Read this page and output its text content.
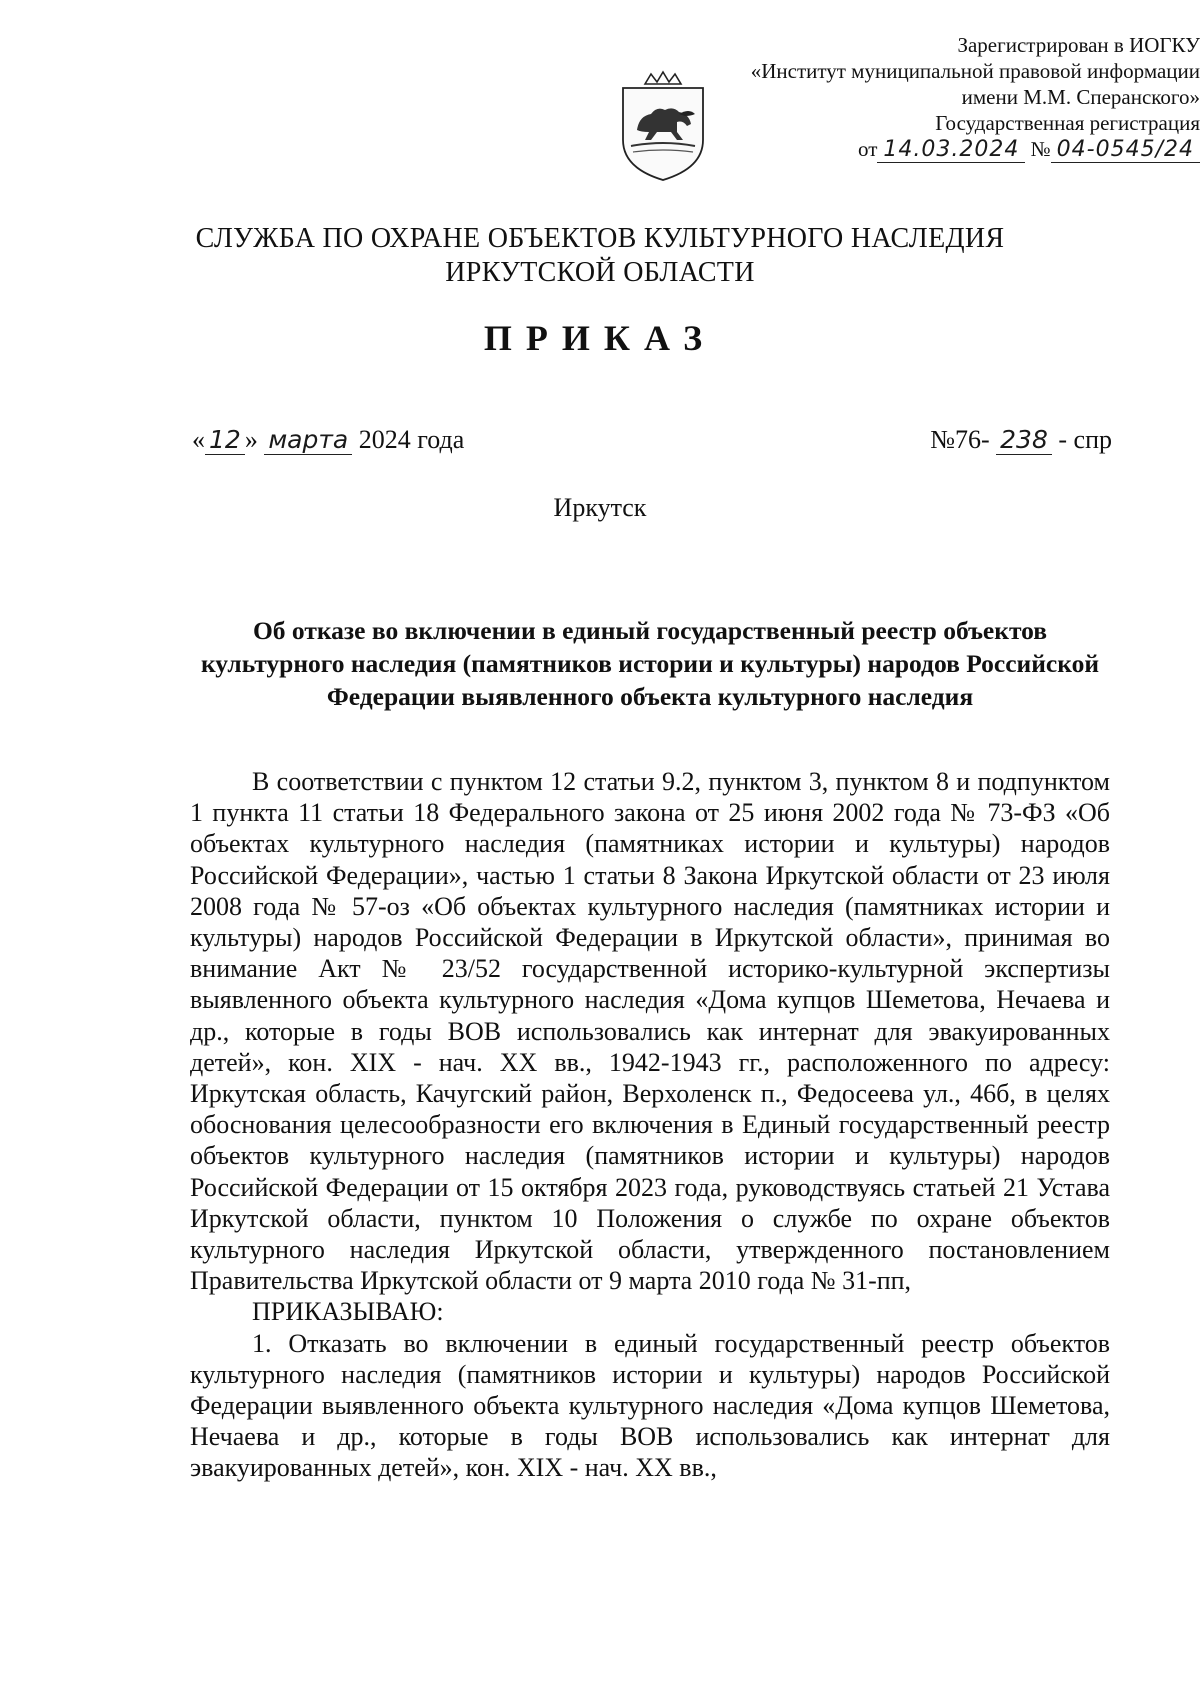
Зарегистрирован в ИОГКУ
«Институт муниципальной правовой информации
имени М.М. Сперанского»
Государственная регистрация
от 14.03.2024 № 04-0545/24
СЛУЖБА ПО ОХРАНЕ ОБЪЕКТОВ КУЛЬТУРНОГО НАСЛЕДИЯ
ИРКУТСКОЙ ОБЛАСТИ
ПРИКАЗ
« 12 » марта 2024 года	№76- 238 - спр
Иркутск
Об отказе во включении в единый государственный реестр объектов культурного наследия (памятников истории и культуры) народов Российской Федерации выявленного объекта культурного наследия

В соответствии с пунктом 12 статьи 9.2, пунктом 3, пунктом 8 и подпунктом 1 пункта 11 статьи 18 Федерального закона от 25 июня 2002 года № 73-ФЗ «Об объектах культурного наследия (памятниках истории и культуры) народов Российской Федерации», частью 1 статьи 8 Закона Иркутской области от 23 июля 2008 года № 57-оз «Об объектах культурного наследия (памятниках истории и культуры) народов Российской Федерации в Иркутской области», принимая во внимание Акт № 23/52 государственной историко-культурной экспертизы выявленного объекта культурного наследия «Дома купцов Шеметова, Нечаева и др., которые в годы ВОВ использовались как интернат для эвакуированных детей», кон. XIX - нач. XX вв., 1942-1943 гг., расположенного по адресу: Иркутская область, Качугский район, Верхоленск п., Федосеева ул., 46б, в целях обоснования целесообразности его включения в Единый государственный реестр объектов культурного наследия (памятников истории и культуры) народов Российской Федерации от 15 октября 2023 года, руководствуясь статьей 21 Устава Иркутской области, пунктом 10 Положения о службе по охране объектов культурного наследия Иркутской области, утвержденного постановлением Правительства Иркутской области от 9 марта 2010 года № 31-пп,

ПРИКАЗЫВАЮ:

1. Отказать во включении в единый государственный реестр объектов культурного наследия (памятников истории и культуры) народов Российской Федерации выявленного объекта культурного наследия «Дома купцов Шеметова, Нечаева и др., которые в годы ВОВ использовались как интернат для эвакуированных детей», кон. XIX - нач. XX вв.,
